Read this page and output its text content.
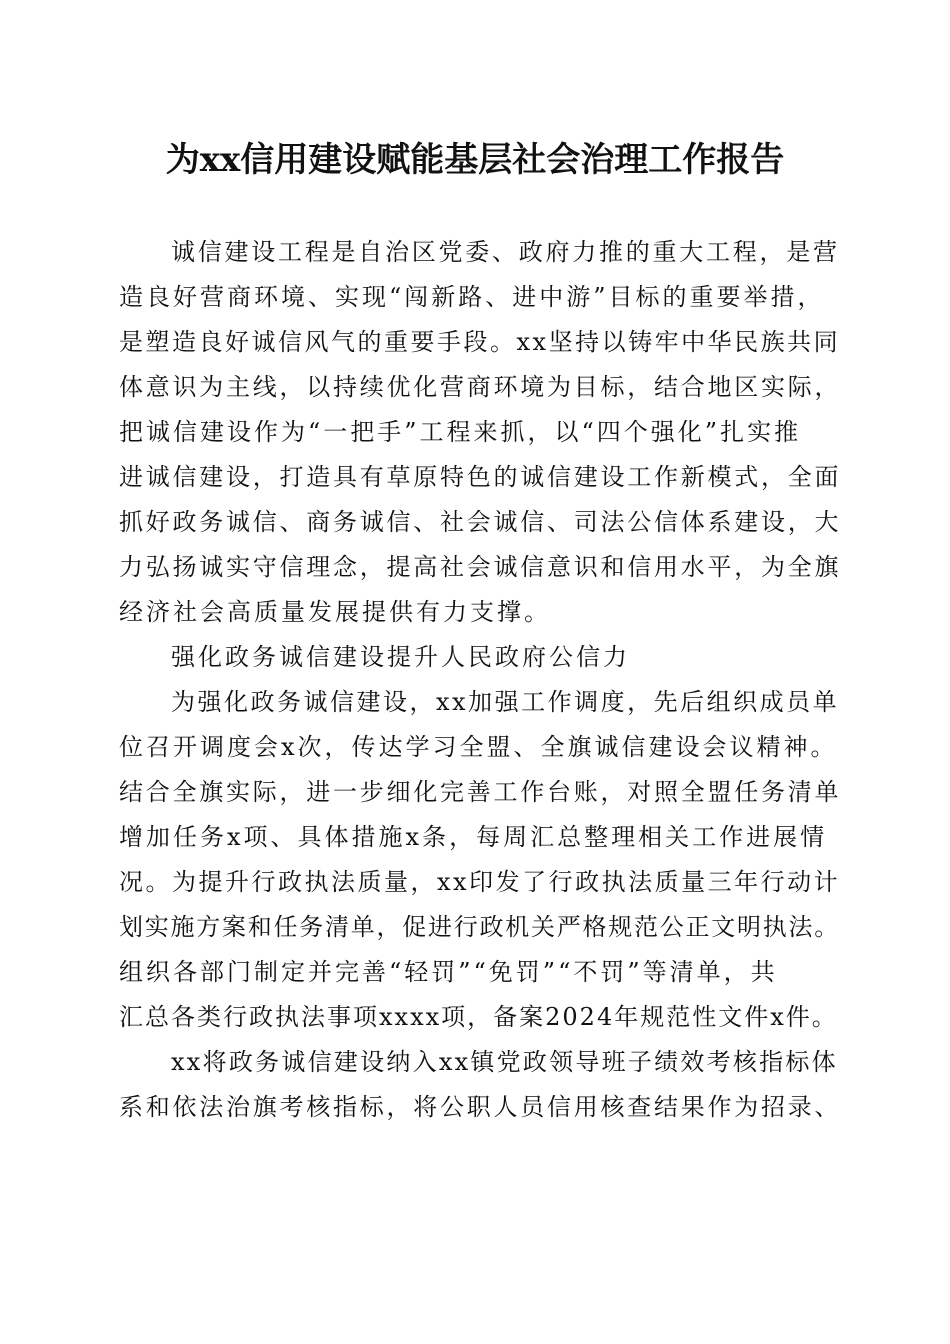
为xx信用建设赋能基层社会治理工作报告
诚信建设工程是自治区党委、政府力推的重大工程，是营
造良好营商环境、实现“闯新路、进中游”目标的重要举措，
是塑造良好诚信风气的重要手段。xx坚持以铸牢中华民族共同
体意识为主线，以持续优化营商环境为目标，结合地区实际，
把诚信建设作为“一把手”工程来抓，以“四个强化”扎实推
进诚信建设，打造具有草原特色的诚信建设工作新模式，全面
抓好政务诚信、商务诚信、社会诚信、司法公信体系建设，大
力弘扬诚实守信理念，提高社会诚信意识和信用水平，为全旗
经济社会高质量发展提供有力支撑。
强化政务诚信建设提升人民政府公信力
为强化政务诚信建设，xx加强工作调度，先后组织成员单
位召开调度会x次，传达学习全盟、全旗诚信建设会议精神。
结合全旗实际，进一步细化完善工作台账，对照全盟任务清单
增加任务x项、具体措施x条，每周汇总整理相关工作进展情
况。为提升行政执法质量，xx印发了行政执法质量三年行动计
划实施方案和任务清单，促进行政机关严格规范公正文明执法。
组织各部门制定并完善“轻罚”“免罚”“不罚”等清单，共
汇总各类行政执法事项xxxx项，备案2024年规范性文件x件。
xx将政务诚信建设纳入xx镇党政领导班子绩效考核指标体
系和依法治旗考核指标，将公职人员信用核查结果作为招录、
